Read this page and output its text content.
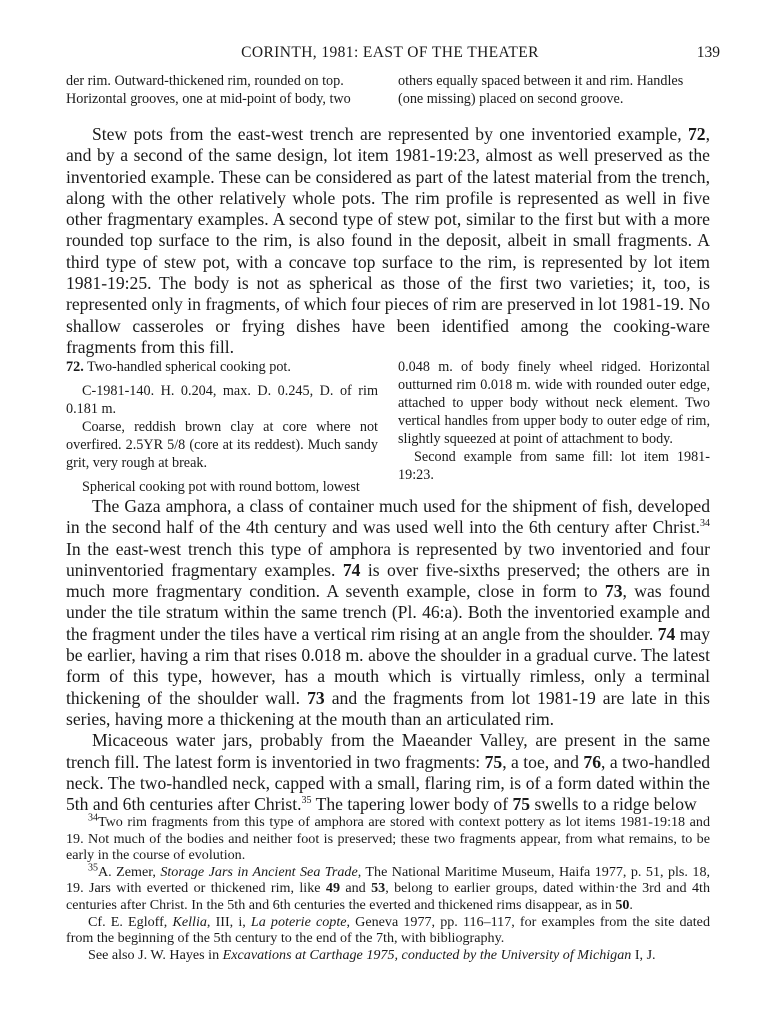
CORINTH, 1981: EAST OF THE THEATER	139
der rim. Outward-thickened rim, rounded on top.
Horizontal grooves, one at mid-point of body, two
others equally spaced between it and rim. Handles
(one missing) placed on second groove.

Stew pots from the east-west trench are represented by one inventoried example, 72, and by a second of the same design, lot item 1981-19:23, almost as well preserved as the inventoried example. These can be considered as part of the latest material from the trench, along with the other relatively whole pots. The rim profile is represented as well in five other fragmentary examples. A second type of stew pot, similar to the first but with a more rounded top surface to the rim, is also found in the deposit, albeit in small fragments. A third type of stew pot, with a concave top surface to the rim, is represented by lot item 1981-19:25. The body is not as spherical as those of the first two varieties; it, too, is represented only in fragments, of which four pieces of rim are preserved in lot 1981-19. No shallow casseroles or frying dishes have been identified among the cooking-ware fragments from this fill.

72. Two-handled spherical cooking pot.
C-1981-140. H. 0.204, max. D. 0.245, D. of rim 0.181 m.
Coarse, reddish brown clay at core where not overfired. 2.5YR 5/8 (core at its reddest). Much sandy grit, very rough at break.
Spherical cooking pot with round bottom, lowest
0.048 m. of body finely wheel ridged. Horizontal outturned rim 0.018 m. wide with rounded outer edge, attached to upper body without neck element. Two vertical handles from upper body to outer edge of rim, slightly squeezed at point of attachment to body.
Second example from same fill: lot item 1981-19:23.

The Gaza amphora, a class of container much used for the shipment of fish, developed in the second half of the 4th century and was used well into the 6th century after Christ.$^{34}$ In the east-west trench this type of amphora is represented by two inventoried and four uninventoried fragmentary examples. 74 is over five-sixths preserved; the others are in much more fragmentary condition. A seventh example, close in form to 73, was found under the tile stratum within the same trench (Pl. 46:a). Both the inventoried example and the fragment under the tiles have a vertical rim rising at an angle from the shoulder. 74 may be earlier, having a rim that rises 0.018 m. above the shoulder in a gradual curve. The latest form of this type, however, has a mouth which is virtually rimless, only a terminal thickening of the shoulder wall. 73 and the fragments from lot 1981-19 are late in this series, having more a thickening at the mouth than an articulated rim.

Micaceous water jars, probably from the Maeander Valley, are present in the same trench fill. The latest form is inventoried in two fragments: 75, a toe, and 76, a two-handled neck. The two-handled neck, capped with a small, flaring rim, is of a form dated within the 5th and 6th centuries after Christ.$^{35}$ The tapering lower body of 75 swells to a ridge below

$^{34}$Two rim fragments from this type of amphora are stored with context pottery as lot items 1981-19:18 and 19. Not much of the bodies and neither foot is preserved; these two fragments appear, from what remains, to be early in the course of evolution.

$^{35}$A. Zemer, Storage Jars in Ancient Sea Trade, The National Maritime Museum, Haifa 1977, p. 51, pls. 18, 19. Jars with everted or thickened rim, like 49 and 53, belong to earlier groups, dated within·the 3rd and 4th centuries after Christ. In the 5th and 6th centuries the everted and thickened rims disappear, as in 50.

Cf. E. Egloff, Kellia, III, i, La poterie copte, Geneva 1977, pp. 116–117, for examples from the site dated from the beginning of the 5th century to the end of the 7th, with bibliography.

See also J. W. Hayes in Excavations at Carthage 1975, conducted by the University of Michigan I, J.
